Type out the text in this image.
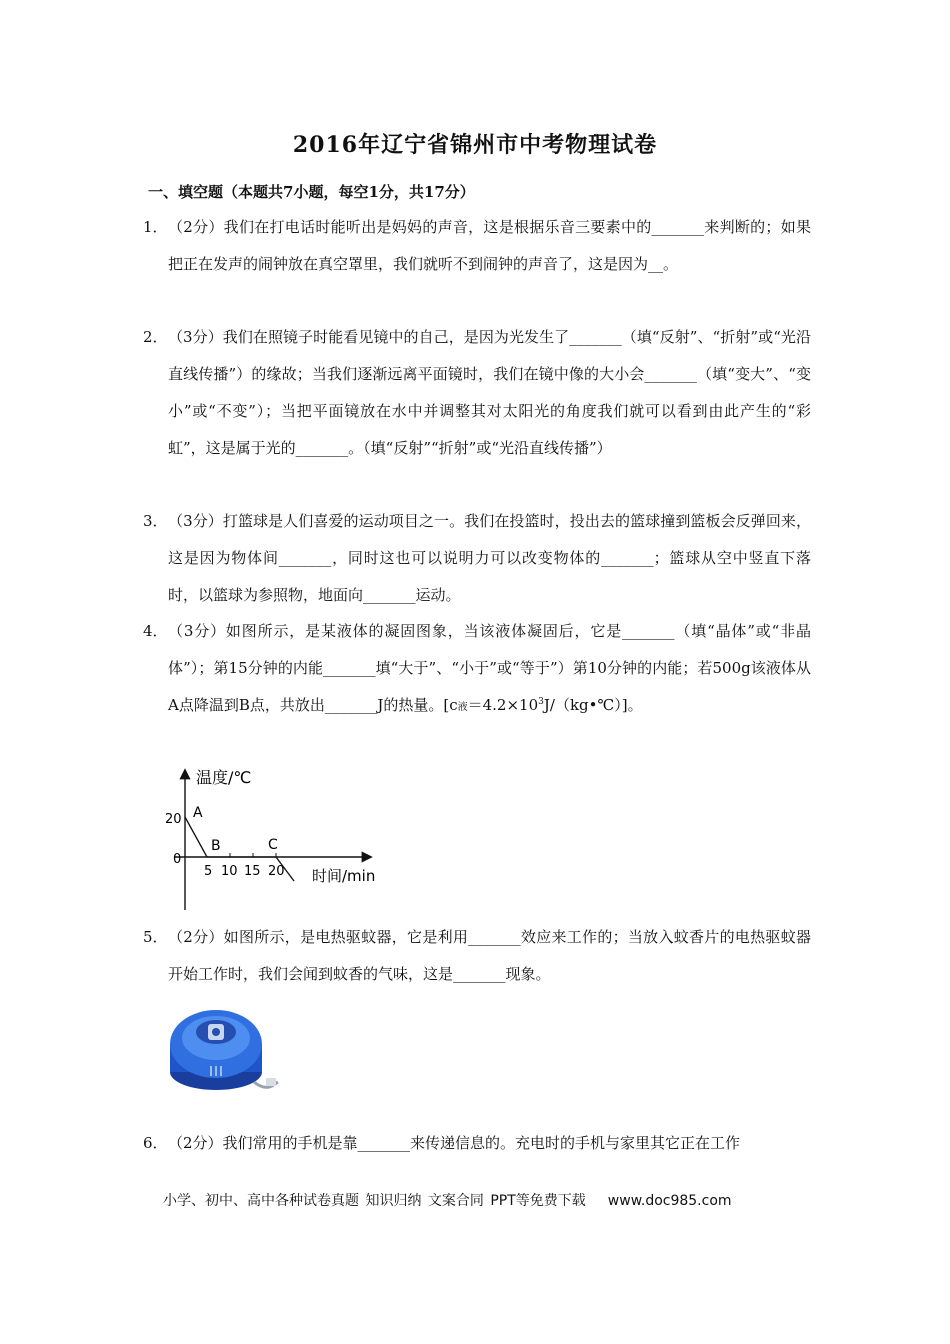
2016年辽宁省锦州市中考物理试卷
一、填空题（本题共7小题，每空1分，共17分）
1． （2分）我们在打电话时能听出是妈妈的声音，这是根据乐音三要素中的_______来判断的；如果把正在发声的闹钟放在真空罩里，我们就听不到闹钟的声音了，这是因为__。
2． （3分）我们在照镜子时能看见镜中的自己，是因为光发生了_______（填“反射”、“折射”或“光沿直线传播”）的缘故；当我们逐渐远离平面镜时，我们在镜中像的大小会_______（填“变大”、“变小”或“不变”）；当把平面镜放在水中并调整其对太阳光的角度我们就可以看到由此产生的“彩虹”，这是属于光的_______。（填“反射”“折射”或“光沿直线传播”）
3． （3分）打篮球是人们喜爱的运动项目之一。我们在投篮时，投出去的篮球撞到篮板会反弹回来，这是因为物体间_______，同时这也可以说明力可以改变物体的_______；篮球从空中竖直下落时，以篮球为参照物，地面向_______运动。
4． （3分）如图所示，是某液体的凝固图象，当该液体凝固后，它是_______（填“晶体”或“非晶体”）；第15分钟的内能_______填“大于”、“小于”或“等于”）第10分钟的内能；若500g该液体从A点降温到B点，共放出_______J的热量。[c液$=4.2\times 10^3J/(kg•℃)$]。
温度/℃
时间/min
20
0
5 10 15 20
A
B	C
5． （2分）如图所示，是电热驱蚊器，它是利用_______效应来工作的；当放入蚊香片的电热驱蚊器开始工作时，我们会闻到蚊香的气味，这是_______现象。
6． （2分）我们常用的手机是靠_______来传递信息的。充电时的手机与家里其它正在工作
小学、初中、高中各种试卷真题 知识归纳 文案合同 PPT等免费下载 www.doc985.com
